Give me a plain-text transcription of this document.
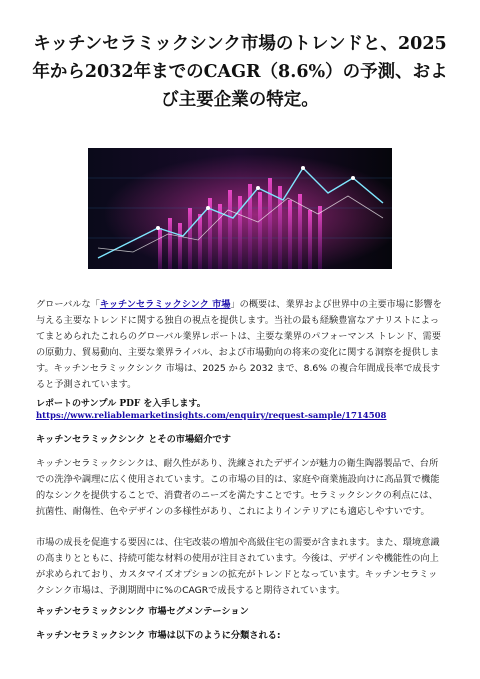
キッチンセラミックシンク市場のトレンドと、2025年から2032年までのCAGR（8.6%）の予測、および主要企業の特定。

グローバルな「キッチンセラミックシンク 市場」の概要は、業界および世界中の主要市場に影響を与える主要なトレンドに関する独自の視点を提供します。当社の最も経験豊富なアナリストによってまとめられたこれらのグローバル業界レポートは、主要な業界のパフォーマンス トレンド、需要の原動力、貿易動向、主要な業界ライバル、および市場動向の将来の変化に関する洞察を提供します。キッチンセラミックシンク 市場は、2025 から 2032 まで、8.6% の複合年間成長率で成長すると予測されています。

レポートのサンプル PDF を入手します。
https://www.reliablemarketinsights.com/enquiry/request-sample/1714508
キッチンセラミックシンク とその市場紹介です

キッチンセラミックシンクは、耐久性があり、洗練されたデザインが魅力の衛生陶器製品で、台所での洗浄や調理に広く使用されています。この市場の目的は、家庭や商業施設向けに高品質で機能的なシンクを提供することで、消費者のニーズを満たすことです。セラミックシンクの利点には、抗菌性、耐傷性、色やデザインの多様性があり、これによりインテリアにも適応しやすいです。

市場の成長を促進する要因には、住宅改装の増加や高級住宅の需要が含まれます。また、環境意識の高まりとともに、持続可能な材料の使用が注目されています。今後は、デザインや機能性の向上が求められており、カスタマイズオプションの拡充がトレンドとなっています。キッチンセラミックシンク市場は、予測期間中に%のCAGRで成長すると期待されています。

キッチンセラミックシンク 市場セグメンテーション
キッチンセラミックシンク 市場は以下のように分類される:
